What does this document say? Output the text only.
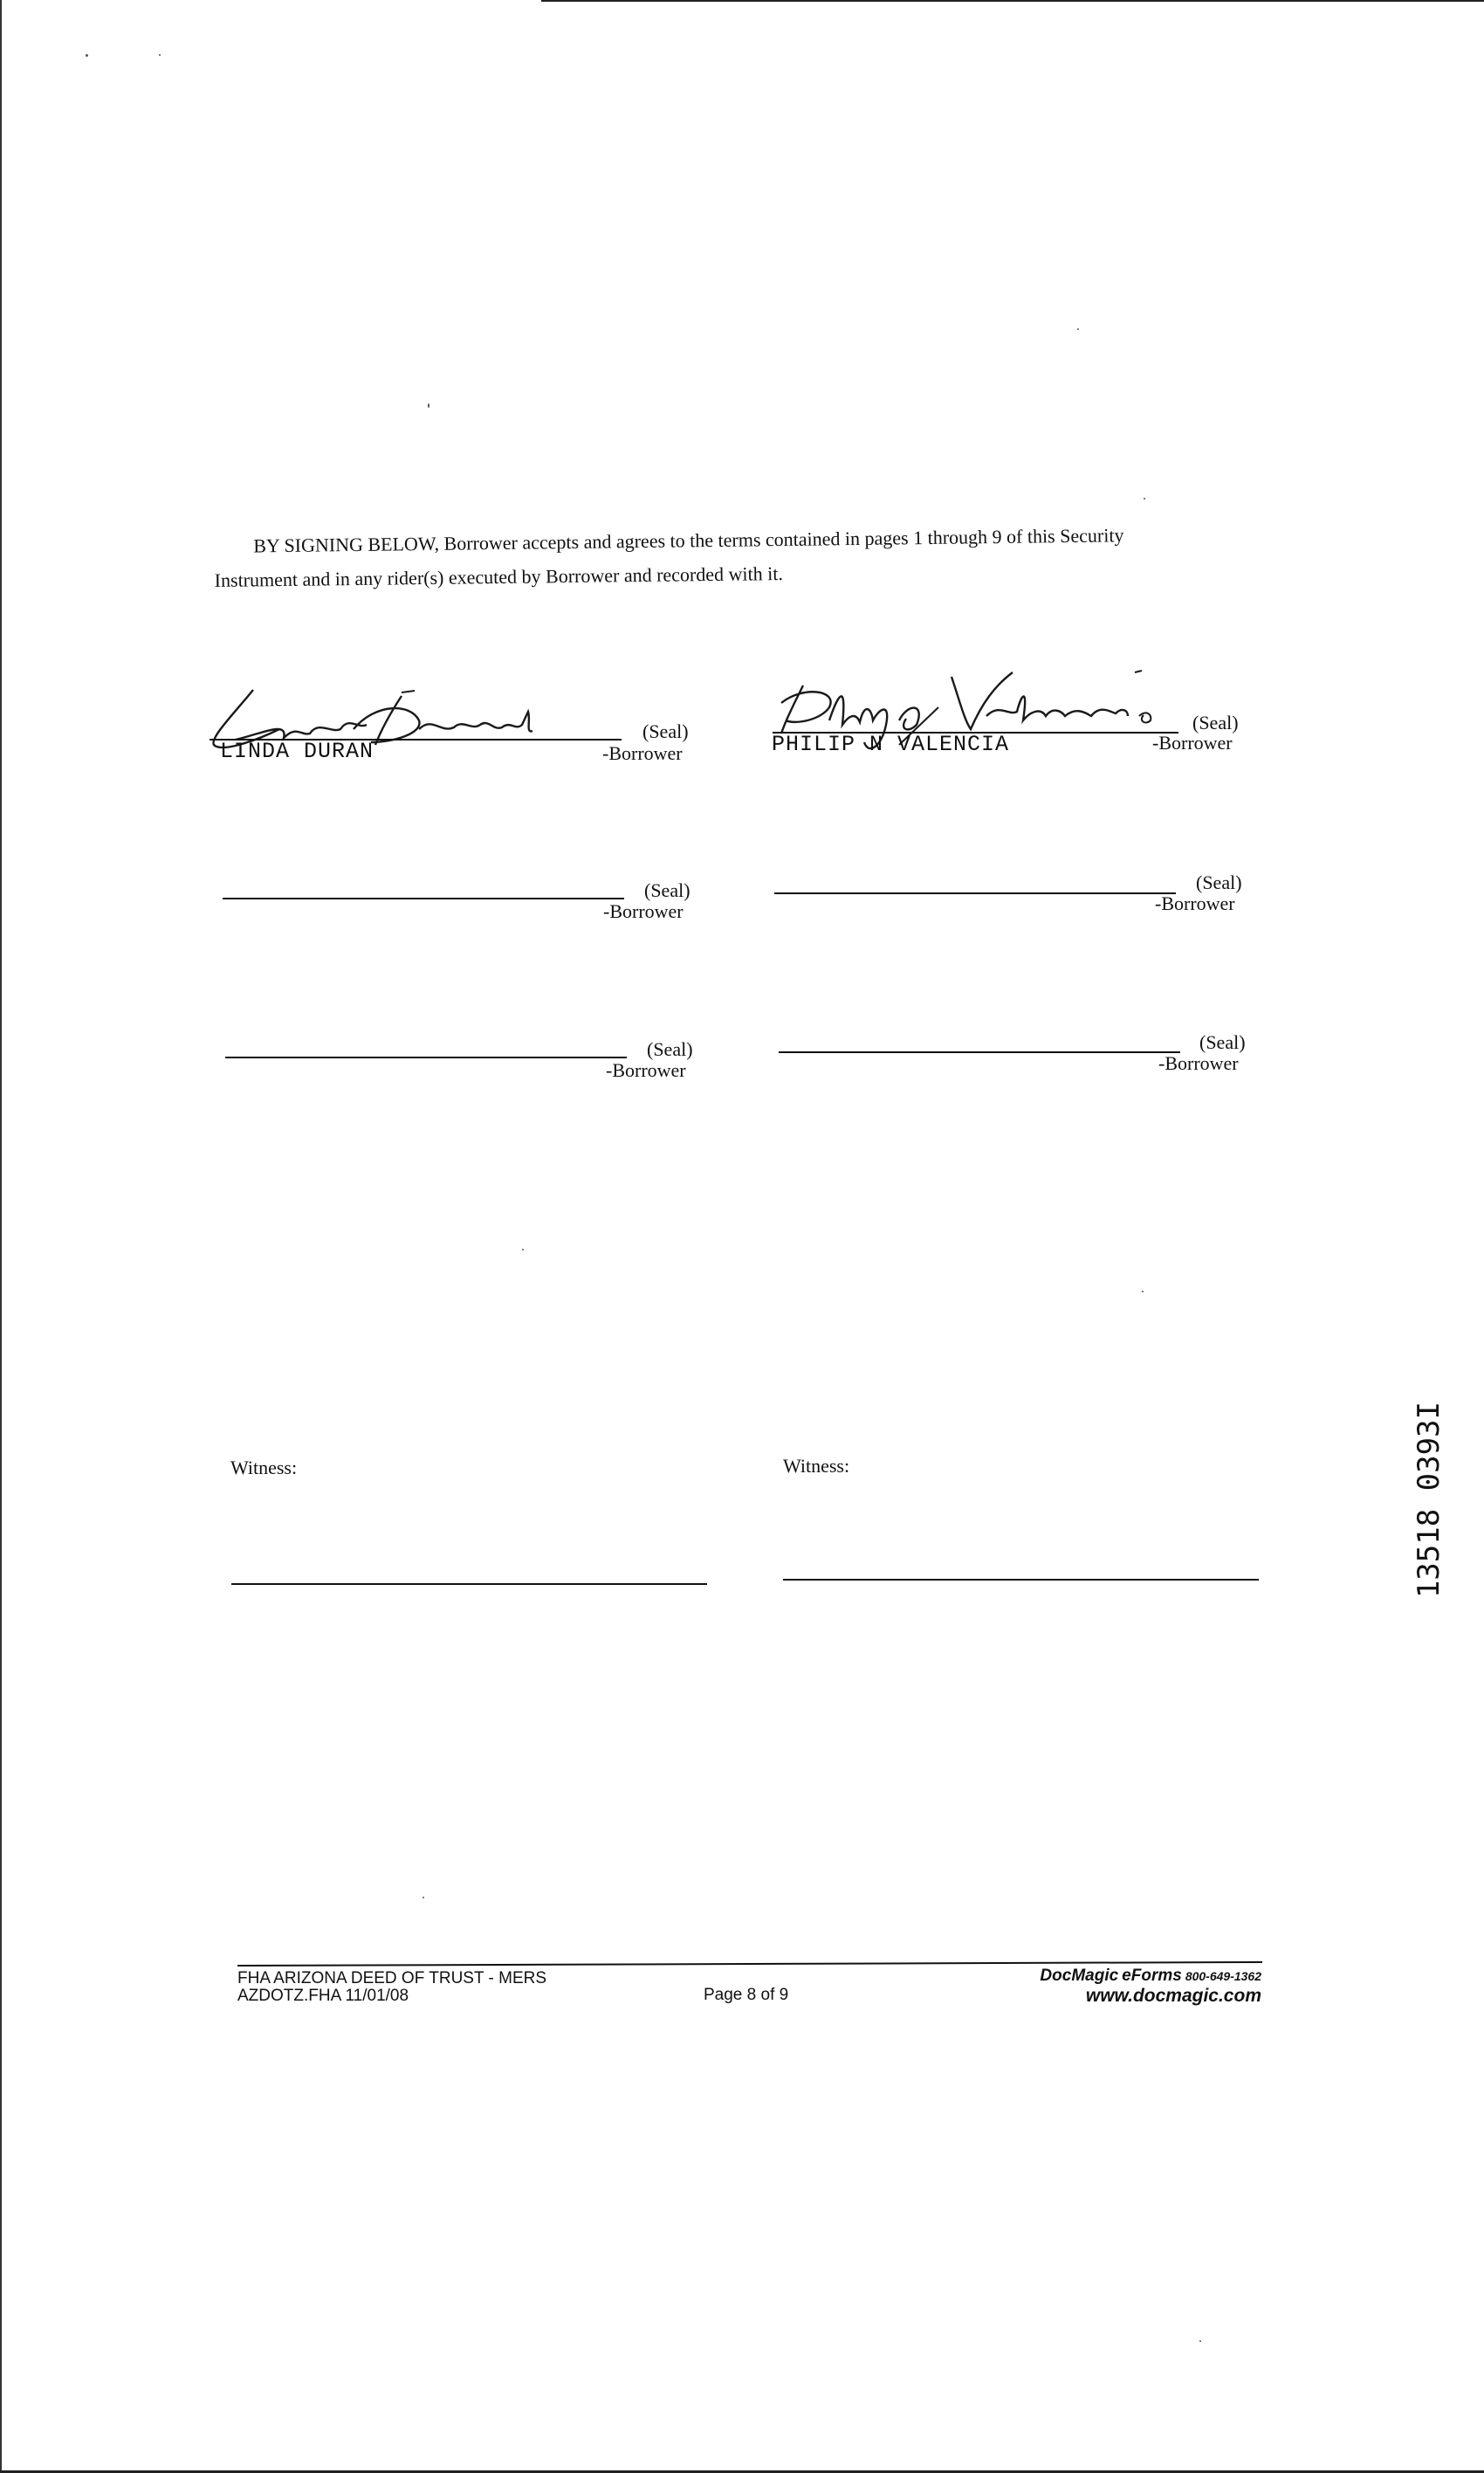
BY SIGNING BELOW, Borrower accepts and agrees to the terms contained in pages 1 through 9 of this Security
Instrument and in any rider(s) executed by Borrower and recorded with it.
LINDA DURAN
(Seal)
-Borrower	PHILIP N VALENCIA
(Seal)
-Borrower
(Seal)
-Borrower
(Seal)
-Borrower
(Seal)
-Borrower
(Seal)
-Borrower
Witness:	Witness:	13518 0393I
FHA ARIZONA DEED OF TRUST - MERS
AZDOTZ.FHA 11/01/08	Page 8 of 9
DocMagic eForms 800-649-1362
www.docmagic.com
